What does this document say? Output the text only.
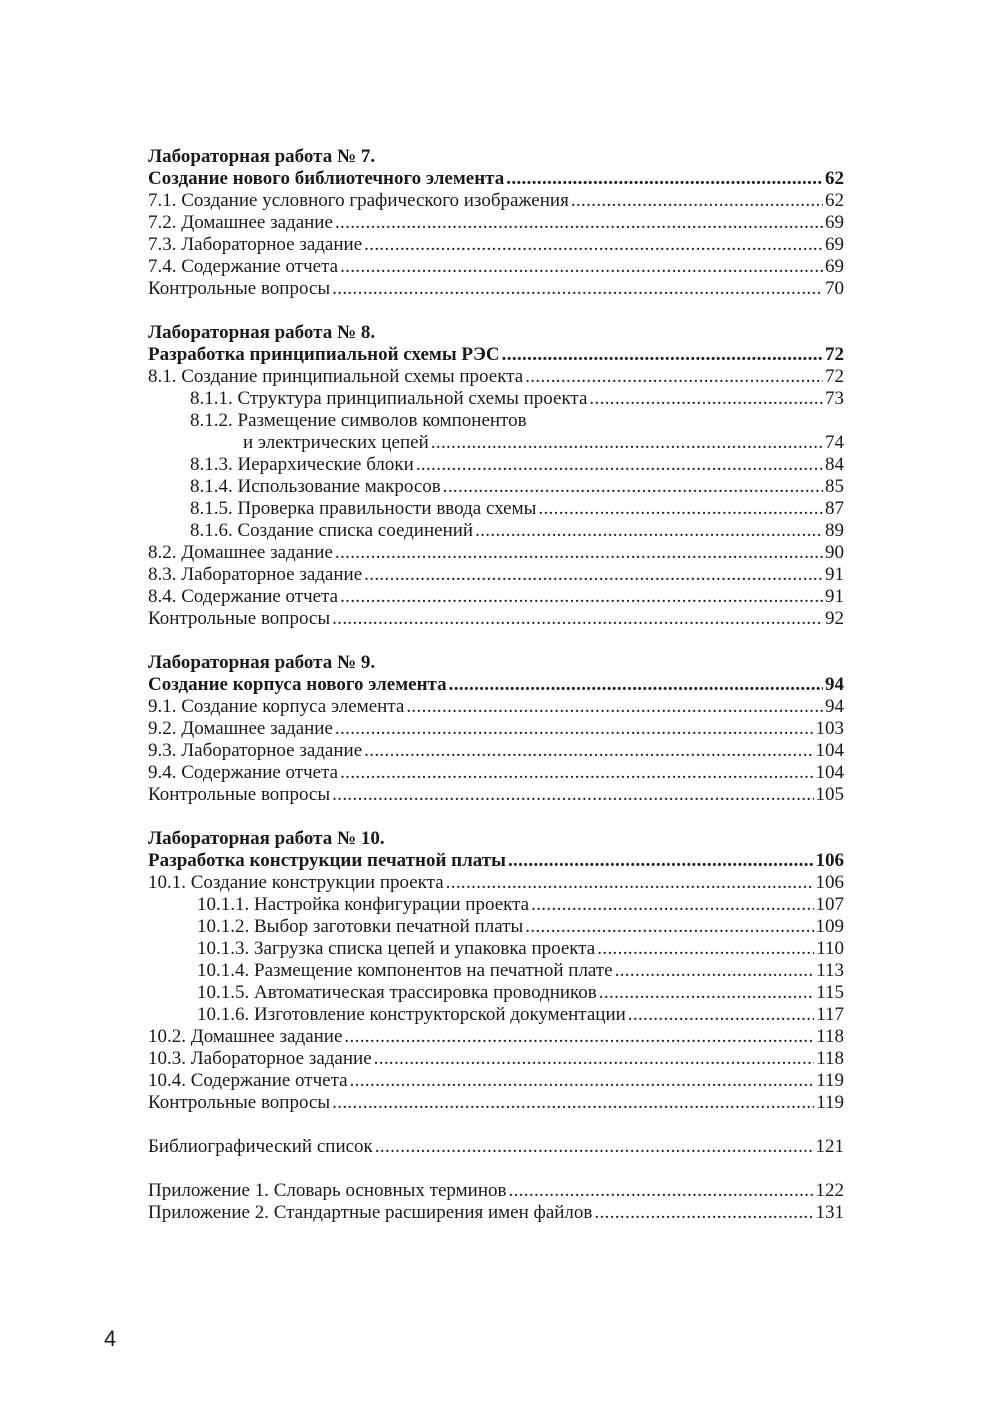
Лабораторная работа № 7.
Создание нового библиотечного элемента . . .	62
7.1. Создание условного графического изображения . . .	62
7.2. Домашнее задание . . .	69
7.3. Лабораторное задание . . .	69
7.4. Содержание отчета . . .	69
Контрольные вопросы . . .	70
Лабораторная работа № 8.
Разработка принципиальной схемы РЭС . . .	72
8.1. Создание принципиальной схемы проекта . . .	72
8.1.1. Структура принципиальной схемы проекта . . .	73
8.1.2. Размещение символов компонентов
и электрических цепей . . .	74
8.1.3. Иерархические блоки . . .	84
8.1.4. Использование макросов . . .	85
8.1.5. Проверка правильности ввода схемы . . .	87
8.1.6. Создание списка соединений . . .	89
8.2. Домашнее задание . . .	90
8.3. Лабораторное задание . . .	91
8.4. Содержание отчета . . .	91
Контрольные вопросы . . .	92
Лабораторная работа № 9.
Создание корпуса нового элемента . . .	94
9.1. Создание корпуса элемента . . .	94
9.2. Домашнее задание . . .	103
9.3. Лабораторное задание . . .	104
9.4. Содержание отчета . . .	104
Контрольные вопросы . . .	105
Лабораторная работа № 10.
Разработка конструкции печатной платы . . .	106
10.1. Создание конструкции проекта . . .	106
10.1.1. Настройка конфигурации проекта . . .	107
10.1.2. Выбор заготовки печатной платы . . .	109
10.1.3. Загрузка списка цепей и упаковка проекта . . .	110
10.1.4. Размещение компонентов на печатной плате . . .	113
10.1.5. Автоматическая трассировка проводников . . .	115
10.1.6. Изготовление конструкторской документации . . .	117
10.2. Домашнее задание . . .	118
10.3. Лабораторное задание . . .	118
10.4. Содержание отчета . . .	119
Контрольные вопросы . . .	119
Библиографический список . . .	121
Приложение 1. Словарь основных терминов . . .	122
Приложение 2. Стандартные расширения имен файлов . . .	131
4
